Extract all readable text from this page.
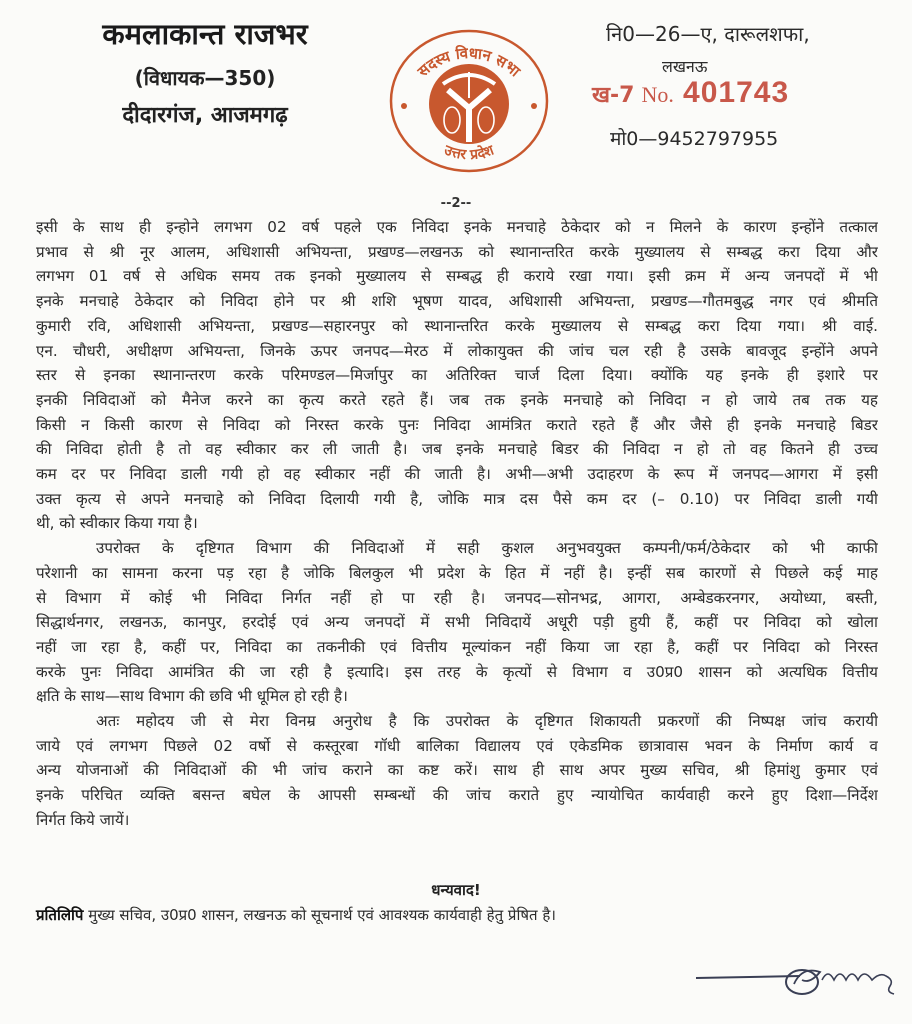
कमलाकान्त राजभर
(विधायक—350)
दीदारगंज, आजमगढ़
सदस्य विधान सभा
उत्तर प्रदेश
नि0—26—ए, दारूलशफा,
लखनऊ
ख-7 No. 401743
मो0—9452797955
--2--

इसी के साथ ही इन्होने लगभग 02 वर्ष पहले एक निविदा इनके मनचाहे ठेकेदार को न मिलने के कारण इन्होंने तत्काल
प्रभाव से श्री नूर आलम, अधिशासी अभियन्ता, प्रखण्ड—लखनऊ को स्थानान्तरित करके मुख्यालय से सम्बद्ध करा दिया और
लगभग 01 वर्ष से अधिक समय तक इनको मुख्यालय से सम्बद्ध ही कराये रखा गया। इसी क्रम में अन्य जनपदों में भी
इनके मनचाहे ठेकेदार को निविदा होने पर श्री शशि भूषण यादव, अधिशासी अभियन्ता, प्रखण्ड—गौतमबुद्ध नगर एवं श्रीमति
कुमारी रवि, अधिशासी अभियन्ता, प्रखण्ड—सहारनपुर को स्थानान्तरित करके मुख्यालय से सम्बद्ध करा दिया गया। श्री वाई.
एन. चौधरी, अधीक्षण अभियन्ता, जिनके ऊपर जनपद—मेरठ में लोकायुक्त की जांच चल रही है उसके बावजूद इन्होंने अपने
स्तर से इनका स्थानान्तरण करके परिमण्डल—मिर्जापुर का अतिरिक्त चार्ज दिला दिया। क्योंकि यह इनके ही इशारे पर
इनकी निविदाओं को मैनेज करने का कृत्य करते रहते हैं। जब तक इनके मनचाहे को निविदा न हो जाये तब तक यह
किसी न किसी कारण से निविदा को निरस्त करके पुनः निविदा आमंत्रित कराते रहते हैं और जैसे ही इनके मनचाहे बिडर
की निविदा होती है तो वह स्वीकार कर ली जाती है। जब इनके मनचाहे बिडर की निविदा न हो तो वह कितने ही उच्च
कम दर पर निविदा डाली गयी हो वह स्वीकार नहीं की जाती है। अभी—अभी उदाहरण के रूप में जनपद—आगरा में इसी
उक्त कृत्य से अपने मनचाहे को निविदा दिलायी गयी है, जोकि मात्र दस पैसे कम दर (– 0.10) पर निविदा डाली गयी
थी, को स्वीकार किया गया है।

उपरोक्त के दृष्टिगत विभाग की निविदाओं में सही कुशल अनुभवयुक्त कम्पनी/फर्म/ठेकेदार को भी काफी
परेशानी का सामना करना पड़ रहा है जोकि बिलकुल भी प्रदेश के हित में नहीं है। इन्हीं सब कारणों से पिछले कई माह
से विभाग में कोई भी निविदा निर्गत नहीं हो पा रही है। जनपद—सोनभद्र, आगरा, अम्बेडकरनगर, अयोध्या, बस्ती,
सिद्धार्थनगर, लखनऊ, कानपुर, हरदोई एवं अन्य जनपदों में सभी निविदायें अधूरी पड़ी हुयी हैं, कहीं पर निविदा को खोला
नहीं जा रहा है, कहीं पर, निविदा का तकनीकी एवं वित्तीय मूल्यांकन नहीं किया जा रहा है, कहीं पर निविदा को निरस्त
करके पुनः निविदा आमंत्रित की जा रही है इत्यादि। इस तरह के कृत्यों से विभाग व उ0प्र0 शासन को अत्यधिक वित्तीय
क्षति के साथ—साथ विभाग की छवि भी धूमिल हो रही है।

अतः महोदय जी से मेरा विनम्र अनुरोध है कि उपरोक्त के दृष्टिगत शिकायती प्रकरणों की निष्पक्ष जांच करायी
जाये एवं लगभग पिछले 02 वर्षो से कस्तूरबा गॉधी बालिका विद्यालय एवं एकेडमिक छात्रावास भवन के निर्माण कार्य व
अन्य योजनाओं की निविदाओं की भी जांच कराने का कष्ट करें। साथ ही साथ अपर मुख्य सचिव, श्री हिमांशु कुमार एवं
इनके परिचित व्यक्ति बसन्त बघेल के आपसी सम्बन्धों की जांच कराते हुए न्यायोचित कार्यवाही करने हुए दिशा—निर्देश
निर्गत किये जायें।

धन्यवाद!
प्रतिलिपि मुख्य सचिव, उ0प्र0 शासन, लखनऊ को सूचनार्थ एवं आवश्यक कार्यवाही हेतु प्रेषित है।
